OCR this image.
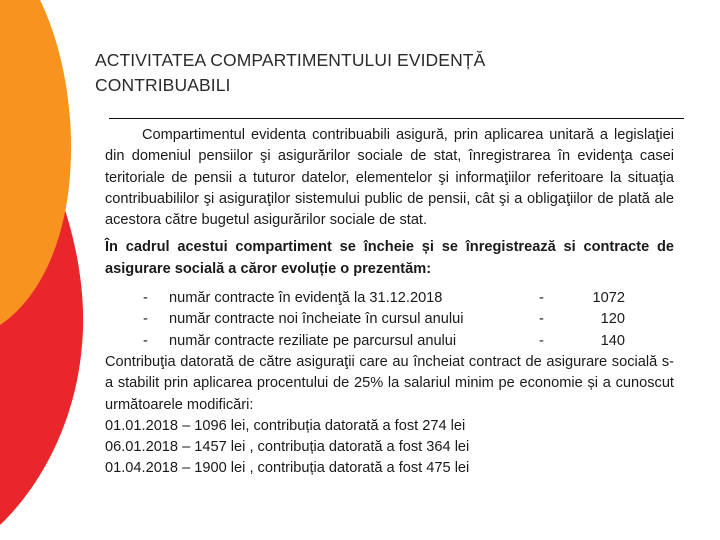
ACTIVITATEA COMPARTIMENTULUI EVIDENȚĂ
CONTRIBUABILI
Compartimentul evidenta contribuabili asigură, prin aplicarea unitară a legislaţiei din domeniul pensiilor şi asigurărilor sociale de stat, înregistrarea în evidenţa casei teritoriale de pensii a tuturor datelor, elementelor şi informaţiilor referitoare la situaţia contribuabililor şi asiguraţilor sistemului public de pensii, cât şi a obligaţiilor de plată ale acestora către bugetul asigurărilor sociale de stat.
În cadrul acestui compartiment se încheie și se înregistrează si contracte de asigurare socială a căror evoluție o prezentăm:
- număr contracte în evidenţă la 31.12.2018	-	1072
- număr contracte noi încheiate în cursul anului	-	120
- număr contracte reziliate pe parcursul anului	-	140
Contribuţia datorată de către asiguraţii care au încheiat contract de asigurare socială s-a stabilit prin aplicarea procentului de 25% la salariul minim pe economie și a cunoscut următoarele modificări:
01.01.2018 – 1096 lei, contribuția datorată a fost 274 lei
06.01.2018 – 1457 lei , contribuția datorată a fost 364 lei
01.04.2018 – 1900 lei , contribuția datorată a fost 475 lei
